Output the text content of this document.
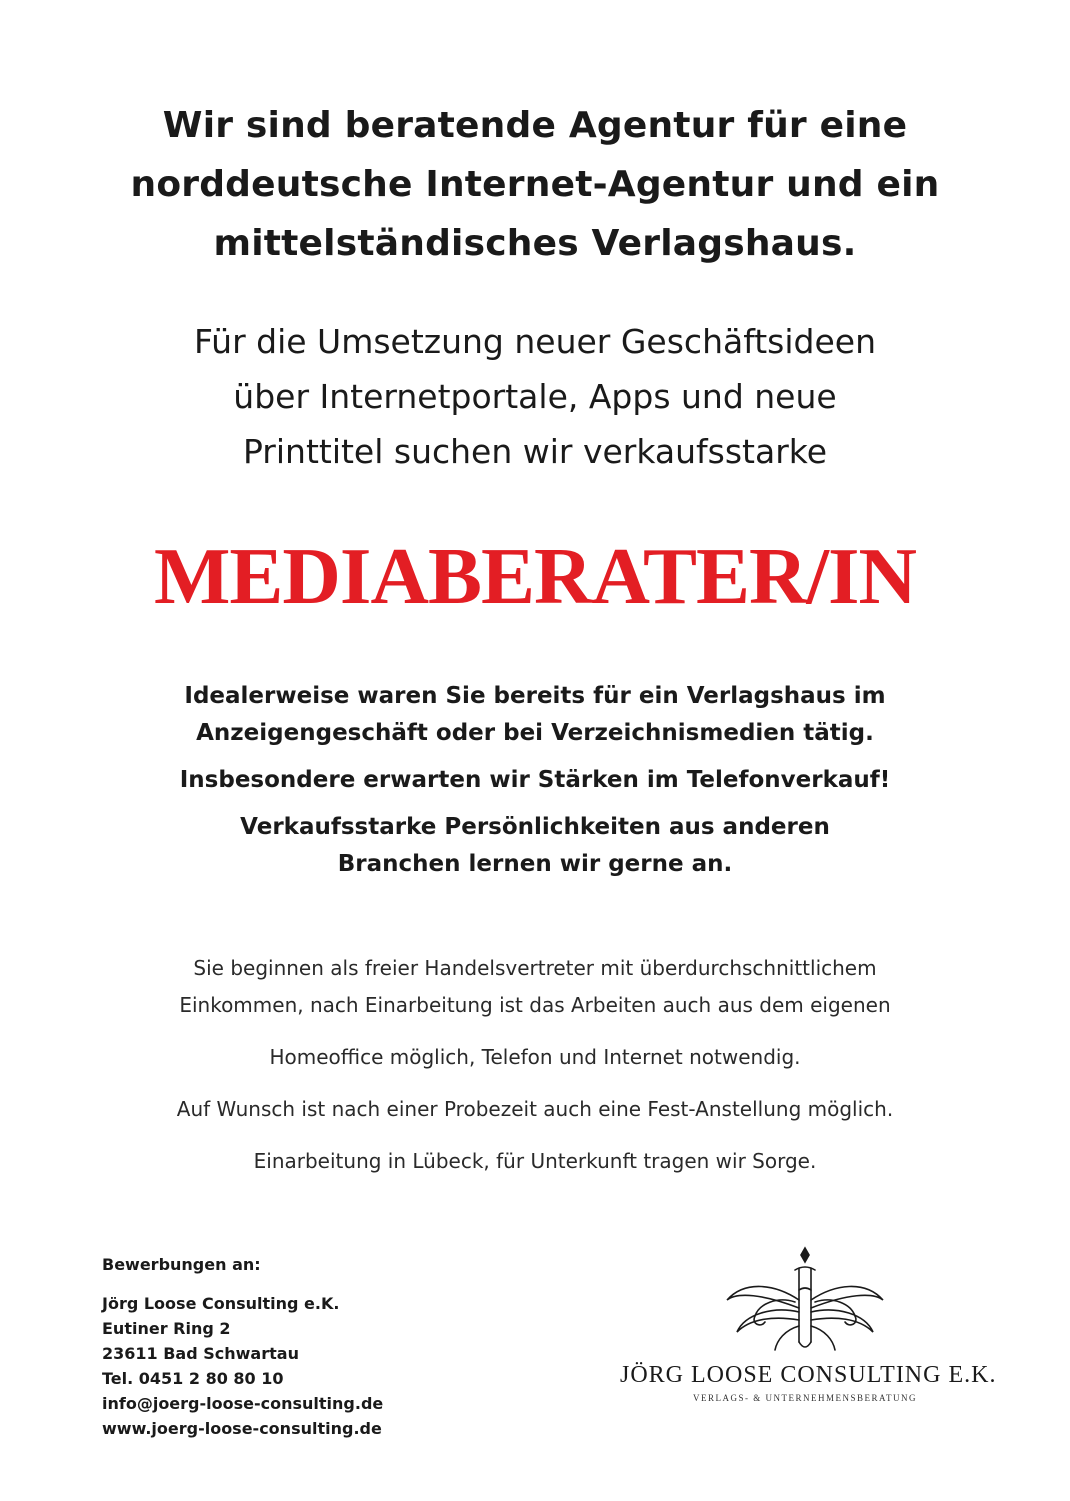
Wir sind beratende Agentur für eine
norddeutsche Internet-Agentur und ein
mittelständisches Verlagshaus.
Für die Umsetzung neuer Geschäftsideen
über Internetportale, Apps und neue
Printtitel suchen wir verkaufsstarke
MEDIABERATER/IN
Idealerweise waren Sie bereits für ein Verlagshaus im
Anzeigengeschäft oder bei Verzeichnismedien tätig.
Insbesondere erwarten wir Stärken im Telefonverkauf!
Verkaufsstarke Persönlichkeiten aus anderen
Branchen lernen wir gerne an.
Sie beginnen als freier Handelsvertreter mit überdurchschnittlichem
Einkommen, nach Einarbeitung ist das Arbeiten auch aus dem eigenen
Homeoffice möglich, Telefon und Internet notwendig.
Auf Wunsch ist nach einer Probezeit auch eine Fest-Anstellung möglich.
Einarbeitung in Lübeck, für Unterkunft tragen wir Sorge.
Bewerbungen an:
Jörg Loose Consulting e.K.
Eutiner Ring 2
23611 Bad Schwartau
Tel. 0451 2 80 80 10
info@joerg-loose-consulting.de
www.joerg-loose-consulting.de
JÖRG LOOSE CONSULTING E.K.
VERLAGS- & UNTERNEHMENSBERATUNG
